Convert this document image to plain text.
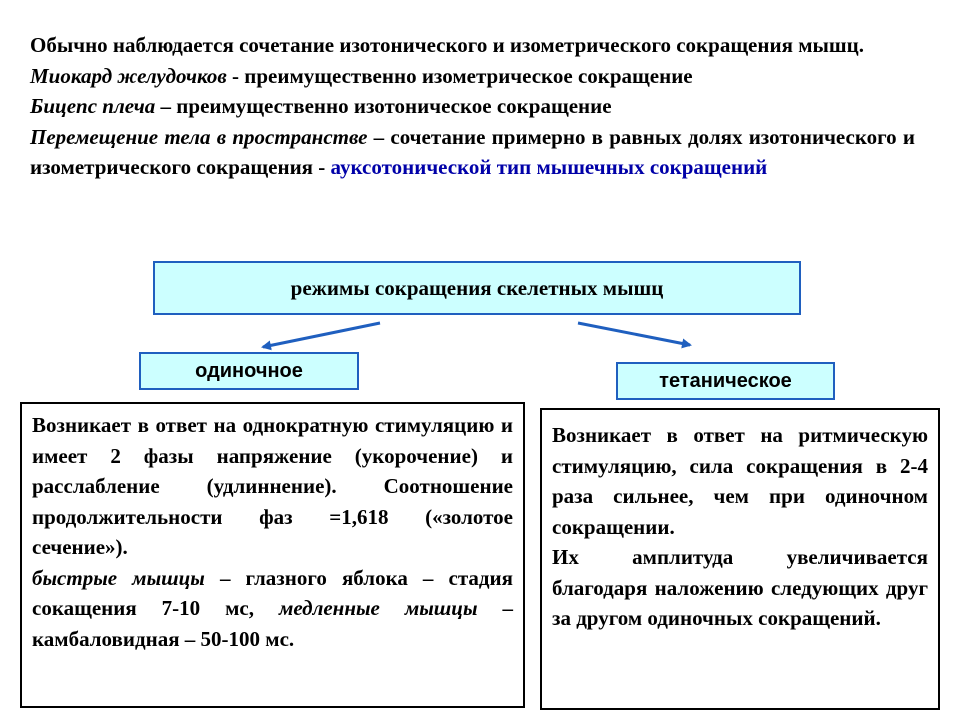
Обычно наблюдается сочетание изотонического и изометрического сокращения мышц.

Миокард желудочков - преимущественно изометрическое сокращение

Бицепс плеча – преимущественно изотоническое сокращение

Перемещение тела в пространстве – сочетание примерно в равных долях изотонического и изометрического сокращения - ауксотонической тип мышечных сокращений

режимы сокращения скелетных мышц
одиночное	тетаническое

Возникает в ответ на однократную стимуляцию и имеет 2 фазы напряжение (укорочение) и расслабление (удлиннение). Соотношение продолжительности фаз =1,618 («золотое сечение»).

быстрые мышцы – глазного яблока – стадия сокащения 7-10 мс, медленные мышцы – камбаловидная – 50-100 мс.

Возникает в ответ на ритмическую стимуляцию, сила сокращения в 2-4 раза сильнее, чем при одиночном сокращении.

Их амплитуда увеличивается благодаря наложению следующих друг за другом одиночных сокращений.
